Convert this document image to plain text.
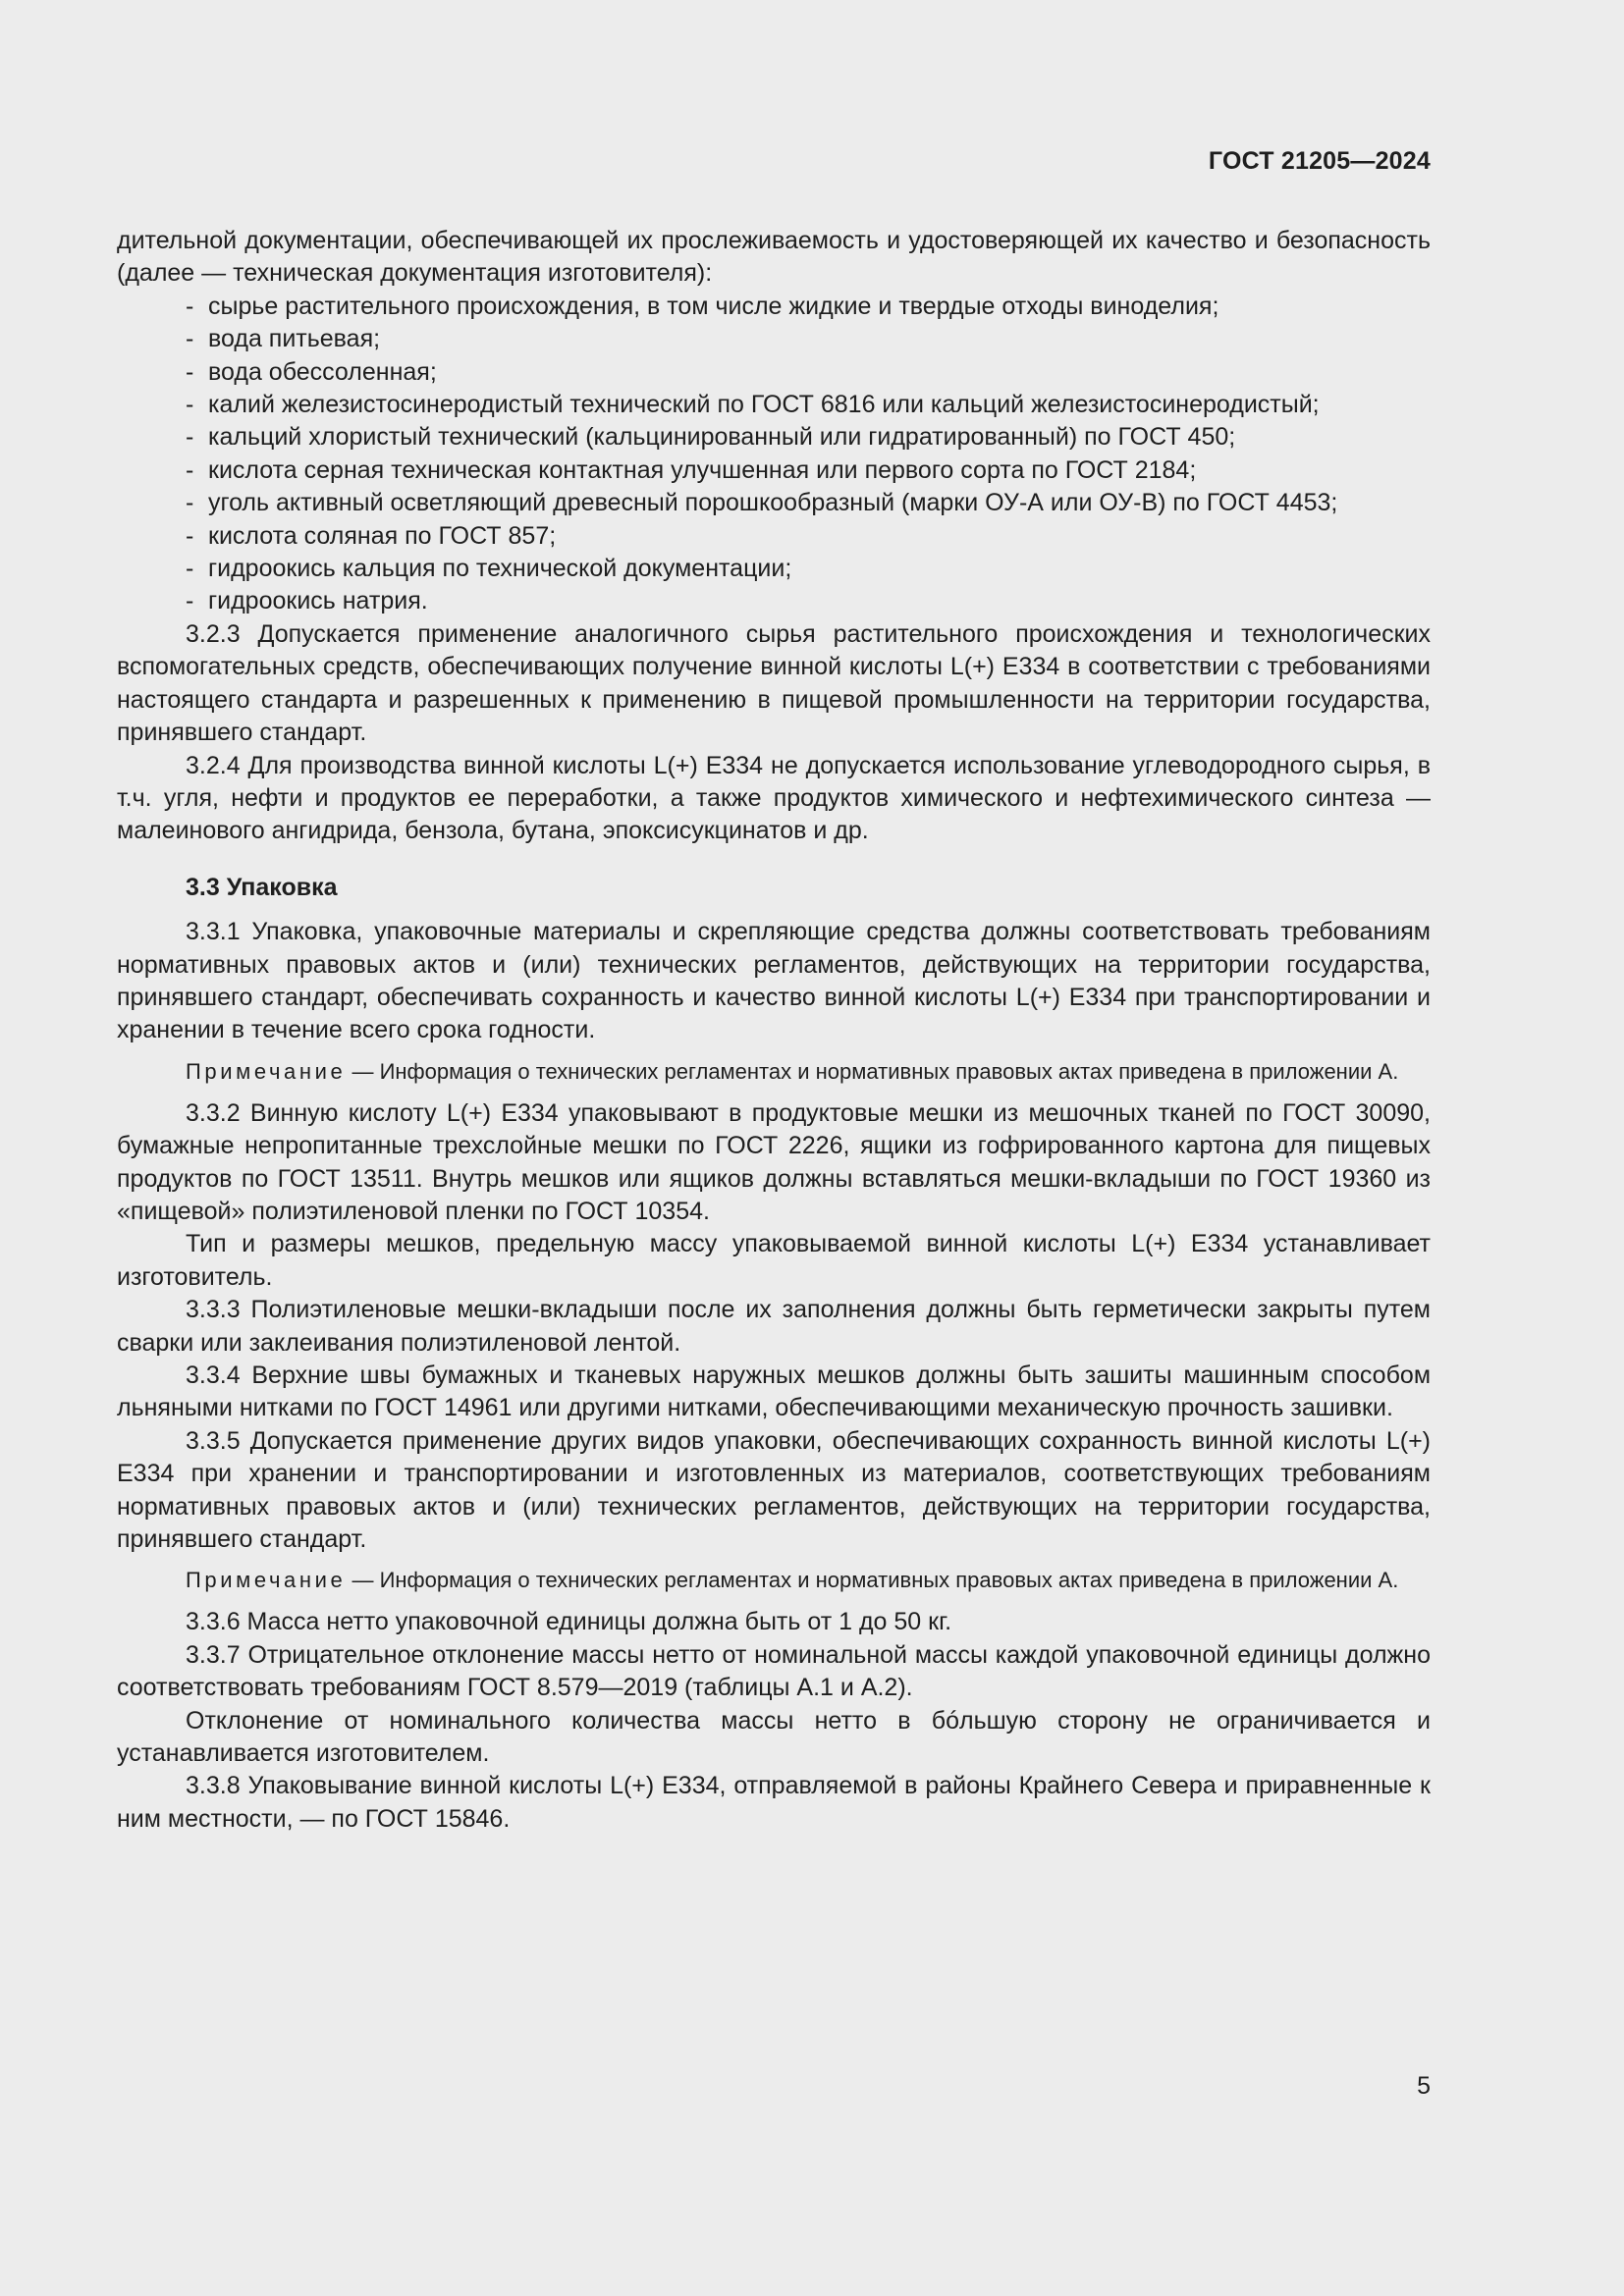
ГОСТ 21205—2024

дительной документации, обеспечивающей их прослеживаемость и удостоверяющей их качество и безопасность (далее — техническая документация изготовителя):

- сырье растительного происхождения, в том числе жидкие и твердые отходы виноделия;
- вода питьевая;
- вода обессоленная;
- калий железистосинеродистый технический по ГОСТ 6816 или кальций железистосинеродистый;
- кальций хлористый технический (кальцинированный или гидратированный) по ГОСТ 450;
- кислота серная техническая контактная улучшенная или первого сорта по ГОСТ 2184;
- уголь активный осветляющий древесный порошкообразный (марки ОУ-А или ОУ-В) по ГОСТ 4453;
- кислота соляная по ГОСТ 857;
- гидроокись кальция по технической документации;
- гидроокись натрия.

3.2.3 Допускается применение аналогичного сырья растительного происхождения и технологических вспомогательных средств, обеспечивающих получение винной кислоты L(+) Е334 в соответствии с требованиями настоящего стандарта и разрешенных к применению в пищевой промышленности на территории государства, принявшего стандарт.

3.2.4 Для производства винной кислоты L(+) Е334 не допускается использование углеводородного сырья, в т.ч. угля, нефти и продуктов ее переработки, а также продуктов химического и нефтехимического синтеза — малеинового ангидрида, бензола, бутана, эпоксисукцинатов и др.

3.3 Упаковка

3.3.1 Упаковка, упаковочные материалы и скрепляющие средства должны соответствовать требованиям нормативных правовых актов и (или) технических регламентов, действующих на территории государства, принявшего стандарт, обеспечивать сохранность и качество винной кислоты L(+) Е334 при транспортировании и хранении в течение всего срока годности.

Примечание — Информация о технических регламентах и нормативных правовых актах приведена в приложении А.

3.3.2 Винную кислоту L(+) Е334 упаковывают в продуктовые мешки из мешочных тканей по ГОСТ 30090, бумажные непропитанные трехслойные мешки по ГОСТ 2226, ящики из гофрированного картона для пищевых продуктов по ГОСТ 13511. Внутрь мешков или ящиков должны вставляться мешки-вкладыши по ГОСТ 19360 из «пищевой» полиэтиленовой пленки по ГОСТ 10354.

Тип и размеры мешков, предельную массу упаковываемой винной кислоты L(+) Е334 устанавливает изготовитель.

3.3.3 Полиэтиленовые мешки-вкладыши после их заполнения должны быть герметически закрыты путем сварки или заклеивания полиэтиленовой лентой.

3.3.4 Верхние швы бумажных и тканевых наружных мешков должны быть зашиты машинным способом льняными нитками по ГОСТ 14961 или другими нитками, обеспечивающими механическую прочность зашивки.

3.3.5 Допускается применение других видов упаковки, обеспечивающих сохранность винной кислоты L(+) Е334 при хранении и транспортировании и изготовленных из материалов, соответствующих требованиям нормативных правовых актов и (или) технических регламентов, действующих на территории государства, принявшего стандарт.

Примечание — Информация о технических регламентах и нормативных правовых актах приведена в приложении А.

3.3.6 Масса нетто упаковочной единицы должна быть от 1 до 50 кг.

3.3.7 Отрицательное отклонение массы нетто от номинальной массы каждой упаковочной единицы должно соответствовать требованиям ГОСТ 8.579—2019 (таблицы А.1 и А.2).

Отклонение от номинального количества массы нетто в бóльшую сторону не ограничивается и устанавливается изготовителем.

3.3.8 Упаковывание винной кислоты L(+) Е334, отправляемой в районы Крайнего Севера и приравненные к ним местности, — по ГОСТ 15846.

5
